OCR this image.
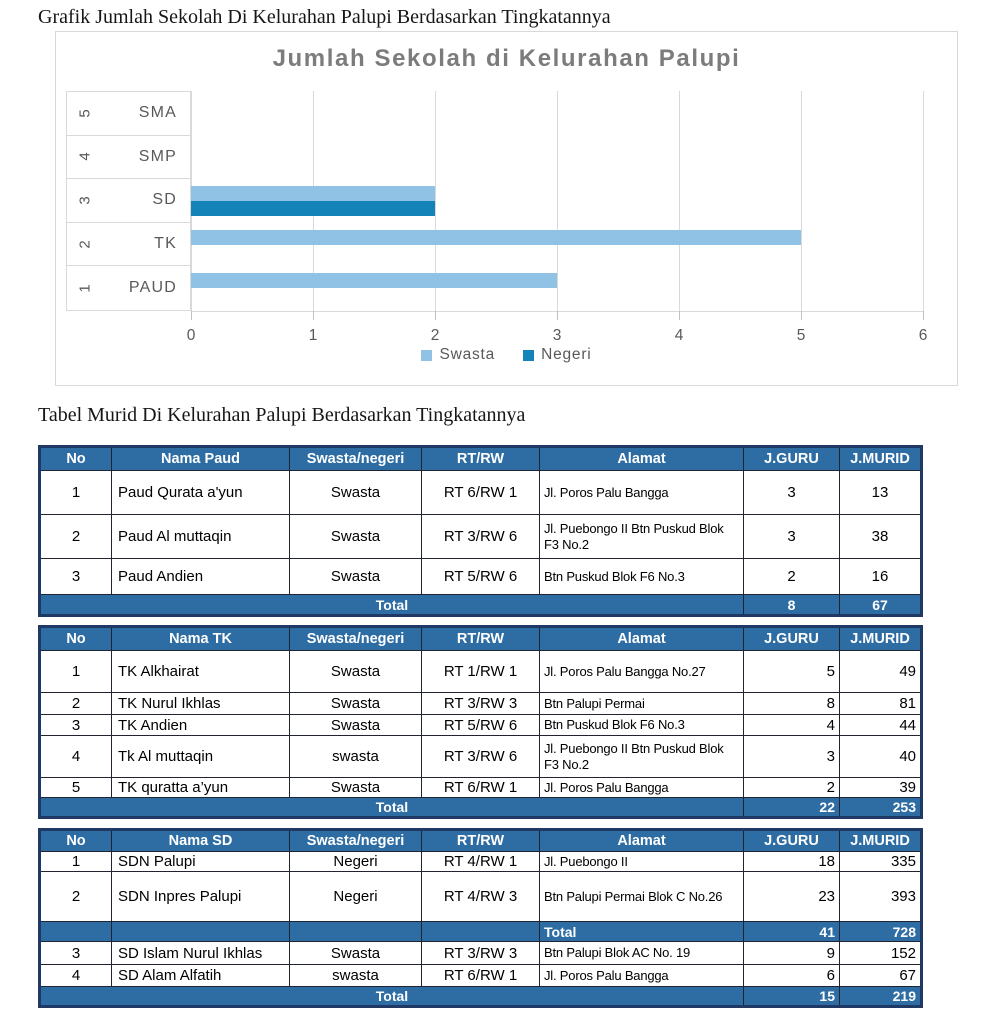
Grafik Jumlah Sekolah Di Kelurahan Palupi Berdasarkan Tingkatannya
Jumlah Sekolah di Kelurahan Palupi
5	SMA
4	SMP
3	SD
2	TK
1 PAUD
0	1	2	3	4	5	6
Swasta	Negeri
Tabel Murid Di Kelurahan Palupi Berdasarkan Tingkatannya
No	Nama Paud	Swasta/negeri	RT/RW	Alamat	J.GURU	J.MURID
1	Paud Qurata a'yun	Swasta	RT 6/RW 1	Jl. Poros Palu Bangga	3	13
2	Paud Al muttaqin	Swasta	RT 3/RW 6	Jl. Puebongo II Btn Puskud Blok F3 No.2	3	38
3	Paud Andien	Swasta	RT 5/RW 6	Btn Puskud Blok F6 No.3	2	16
Total					8	67
No	Nama TK	Swasta/negeri	RT/RW	Alamat	J.GURU	J.MURID
1	TK Alkhairat	Swasta	RT 1/RW 1	Jl. Poros Palu Bangga No.27	5	49
2	TK Nurul Ikhlas	Swasta	RT 3/RW 3	Btn Palupi Permai	8	81
3	TK Andien	Swasta	RT 5/RW 6	Btn Puskud Blok F6 No.3	4	44
4	Tk Al muttaqin	swasta	RT 3/RW 6	Jl. Puebongo II Btn Puskud Blok F3 No.2	3	40
5	TK quratta a’yun	Swasta	RT 6/RW 1	Jl. Poros Palu Bangga	2	39
Total					22	253
No	Nama SD	Swasta/negeri	RT/RW	Alamat	J.GURU	J.MURID
1	SDN Palupi	Negeri	RT 4/RW 1	Jl. Puebongo II	18	335
2	SDN Inpres Palupi	Negeri	RT 4/RW 3	Btn Palupi Permai Blok C No.26	23	393
				Total	41	728
3	SD Islam Nurul Ikhlas	Swasta	RT 3/RW 3	Btn Palupi Blok AC No. 19	9	152
4	SD Alam Alfatih	swasta	RT 6/RW 1	Jl. Poros Palu Bangga	6	67
Total					15	219
